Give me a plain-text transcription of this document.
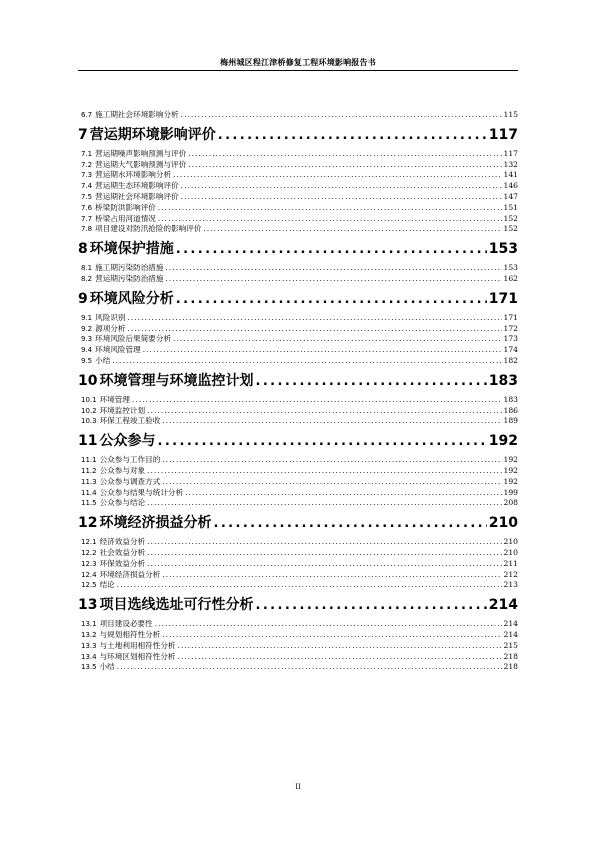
梅州城区程江津桥修复工程环境影响报告书
6.7 施工期社会环境影响分析 .....	115
7 营运期环境影响评价 .....	117
7.1 营运期噪声影响预测与评价 .....	117
7.2 营运期大气影响预测与评价 .....	132
7.3 营运期水环境影响分析 .....	141
7.4 营运期生态环境影响评价 .....	146
7.5 营运期社会环境影响评价 .....	147
7.6 桥梁防洪影响评价 .....	151
7.7 桥梁占用河道情况 .....	152
7.8 项目建设对防汛抢险的影响评价 .....	152
8 环境保护措施 .....	153
8.1 施工期污染防治措施 .....	153
8.2 营运期污染防治措施 .....	162
9 环境风险分析 .....	171
9.1 风险识别 .....	171
9.2 源项分析 .....	172
9.3 环境风险后果简要分析 .....	173
9.4 环境风险管理 .....	174
9.5 小结 .....	182
10 环境管理与环境监控计划 .....	183
10.1 环境管理 .....	183
10.2 环境监控计划 .....	186
10.3 环保工程竣工验收 .....	189
11 公众参与 .....	192
11.1 公众参与工作目的 .....	192
11.2 公众参与对象 .....	192
11.3 公众参与调查方式 .....	192
11.4 公众参与结果与统计分析 .....	199
11.5 公众参与结论 .....	208
12 环境经济损益分析 .....	210
12.1 经济效益分析 .....	210
12.2 社会效益分析 .....	210
12.3 环保效益分析 .....	211
12.4 环境经济损益分析 .....	212
12.5 结论 .....	213
13 项目选线选址可行性分析 .....	214
13.1 项目建设必要性 .....	214
13.2 与规划相符性分析 .....	214
13.3 与土地利用相符性分析 .....	215
13.4 与环境区划相符性分析 .....	218
13.5 小结 .....	218
II
